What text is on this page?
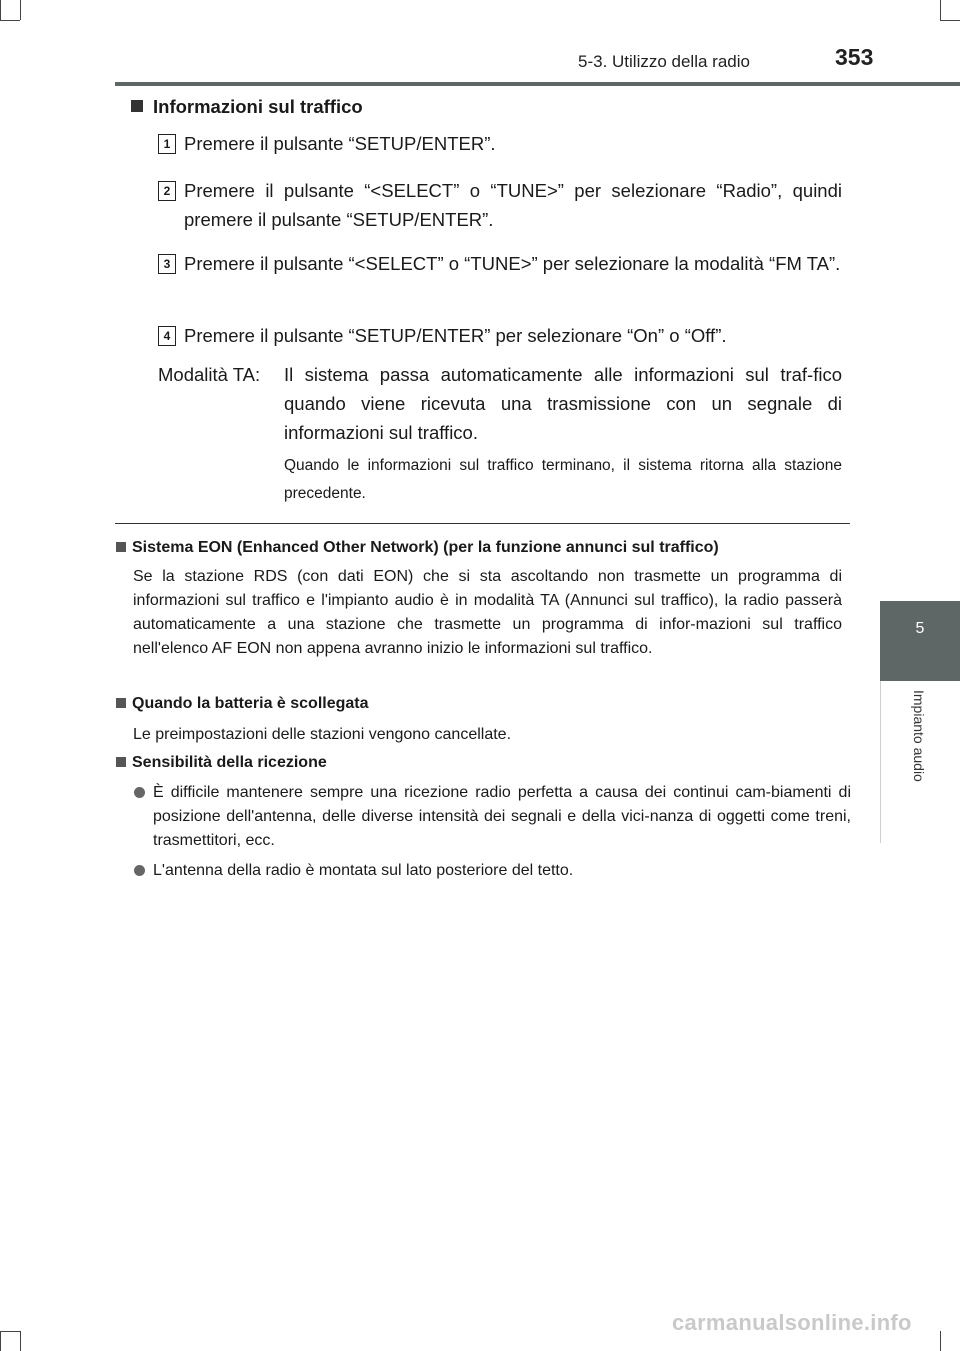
5-3. Utilizzo della radio	353
5
Impianto audio
Informazioni sul traffico
1 Premere il pulsante “SETUP/ENTER”.
2 Premere il pulsante “<SELECT” o “TUNE>” per selezionare “Radio”, quindi premere il pulsante “SETUP/ENTER”.
3 Premere il pulsante “<SELECT” o “TUNE>” per selezionare la modalità “FM TA”.
4 Premere il pulsante “SETUP/ENTER” per selezionare “On” o “Off”.
Modalità TA: Il sistema passa automaticamente alle informazioni sul traf-fico quando viene ricevuta una trasmissione con un segnale di informazioni sul traffico.
Quando le informazioni sul traffico terminano, il sistema ritorna alla stazione precedente.
Sistema EON (Enhanced Other Network) (per la funzione annunci sul traffico)
Se la stazione RDS (con dati EON) che si sta ascoltando non trasmette un programma di informazioni sul traffico e l'impianto audio è in modalità TA (Annunci sul traffico), la radio passerà automaticamente a una stazione che trasmette un programma di infor-mazioni sul traffico nell'elenco AF EON non appena avranno inizio le informazioni sul traffico.
Quando la batteria è scollegata
Le preimpostazioni delle stazioni vengono cancellate.
Sensibilità della ricezione
È difficile mantenere sempre una ricezione radio perfetta a causa dei continui cam-biamenti di posizione dell'antenna, delle diverse intensità dei segnali e della vici-nanza di oggetti come treni, trasmettitori, ecc.
L'antenna della radio è montata sul lato posteriore del tetto.
carmanualsonline.info
